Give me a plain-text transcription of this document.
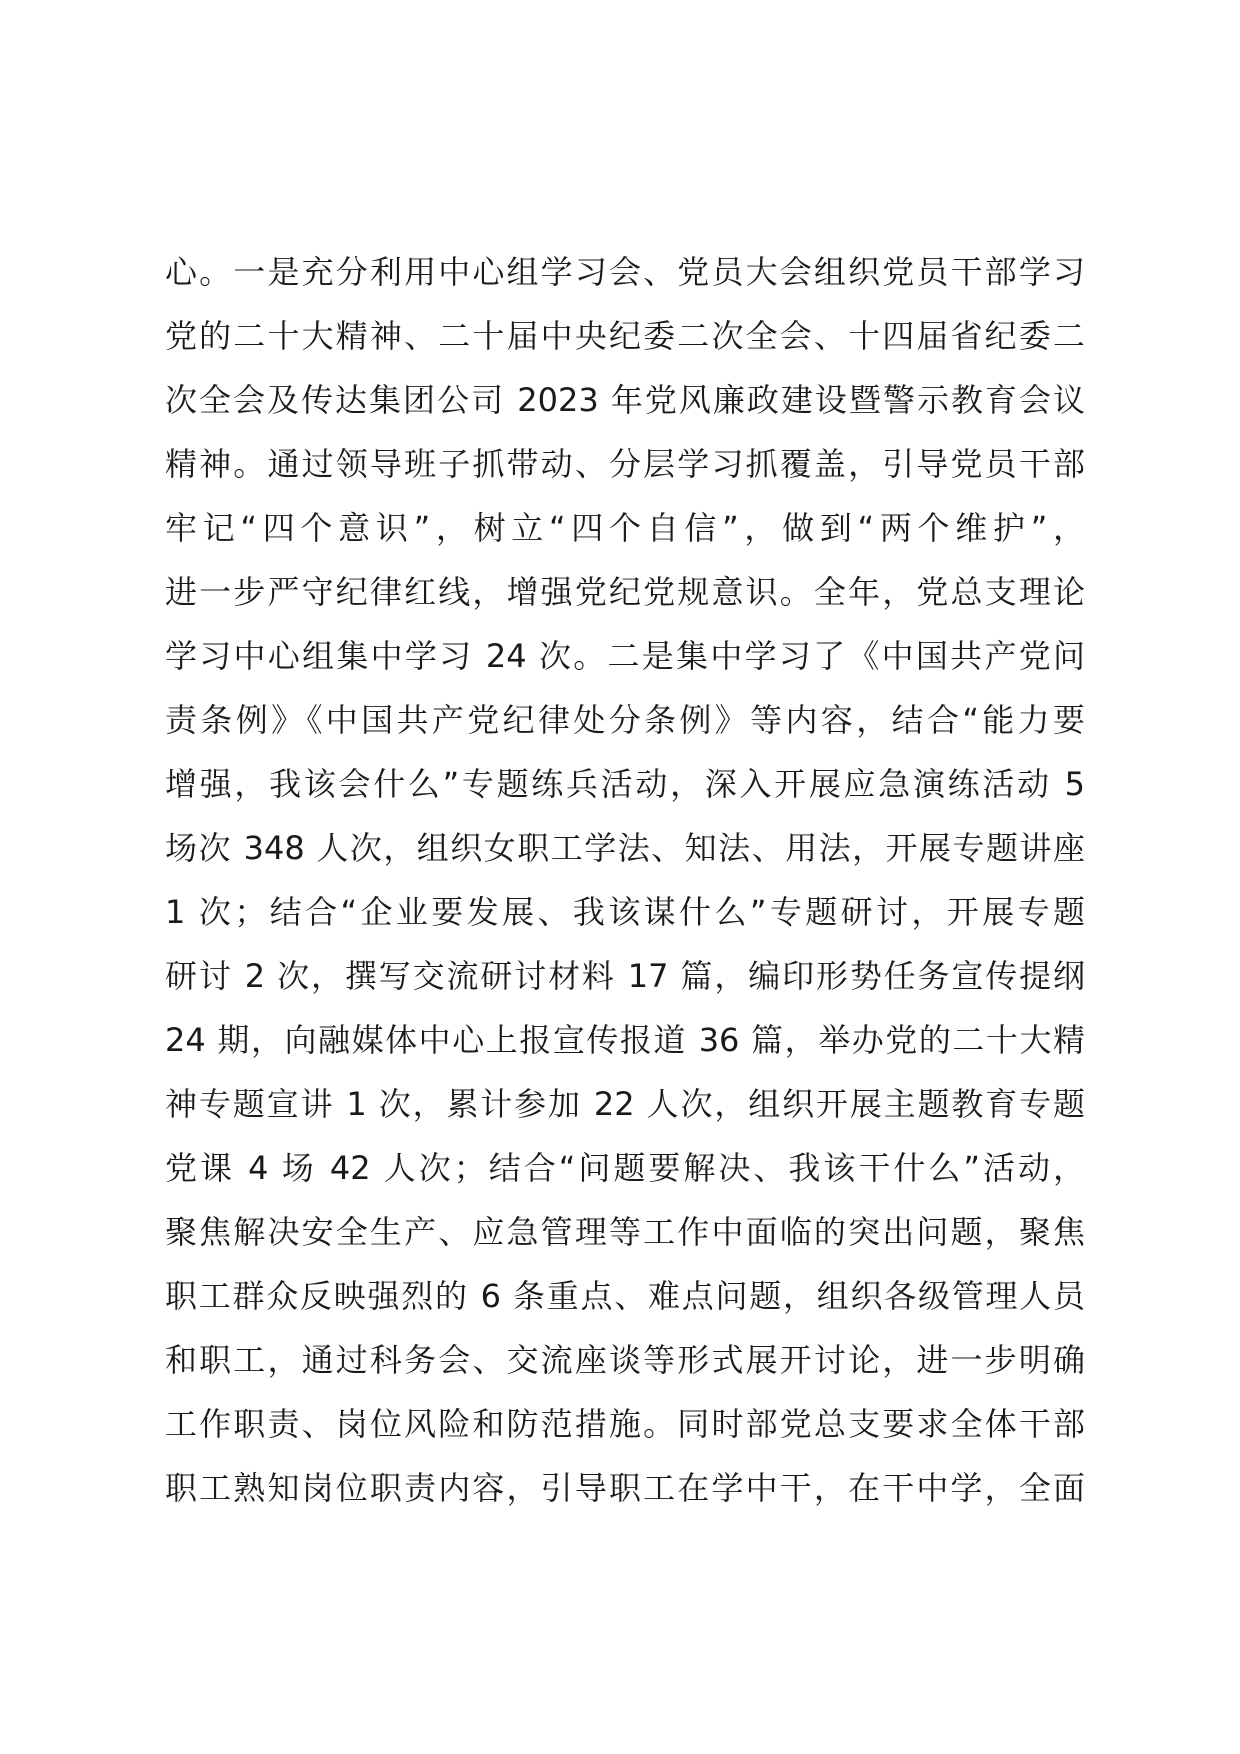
心。一是充分利用中心组学习会、党员大会组织党员干部学习
党的二十大精神、二十届中央纪委二次全会、十四届省纪委二
次全会及传达集团公司 2023 年党风廉政建设暨警示教育会议
精神。通过领导班子抓带动、分层学习抓覆盖，引导党员干部
牢记“四个意识”，树立“四个自信”，做到“两个维护”，
进一步严守纪律红线，增强党纪党规意识。全年，党总支理论
学习中心组集中学习 24 次。二是集中学习了《中国共产党问
责条例》《中国共产党纪律处分条例》等内容，结合“能力要
增强，我该会什么”专题练兵活动，深入开展应急演练活动 5
场次 348 人次，组织女职工学法、知法、用法，开展专题讲座
1 次；结合“企业要发展、我该谋什么”专题研讨，开展专题
研讨 2 次，撰写交流研讨材料 17 篇，编印形势任务宣传提纲
24 期，向融媒体中心上报宣传报道 36 篇，举办党的二十大精
神专题宣讲 1 次，累计参加 22 人次，组织开展主题教育专题
党课 4 场 42 人次；结合“问题要解决、我该干什么”活动，
聚焦解决安全生产、应急管理等工作中面临的突出问题，聚焦
职工群众反映强烈的 6 条重点、难点问题，组织各级管理人员
和职工，通过科务会、交流座谈等形式展开讨论，进一步明确
工作职责、岗位风险和防范措施。同时部党总支要求全体干部
职工熟知岗位职责内容，引导职工在学中干，在干中学，全面
